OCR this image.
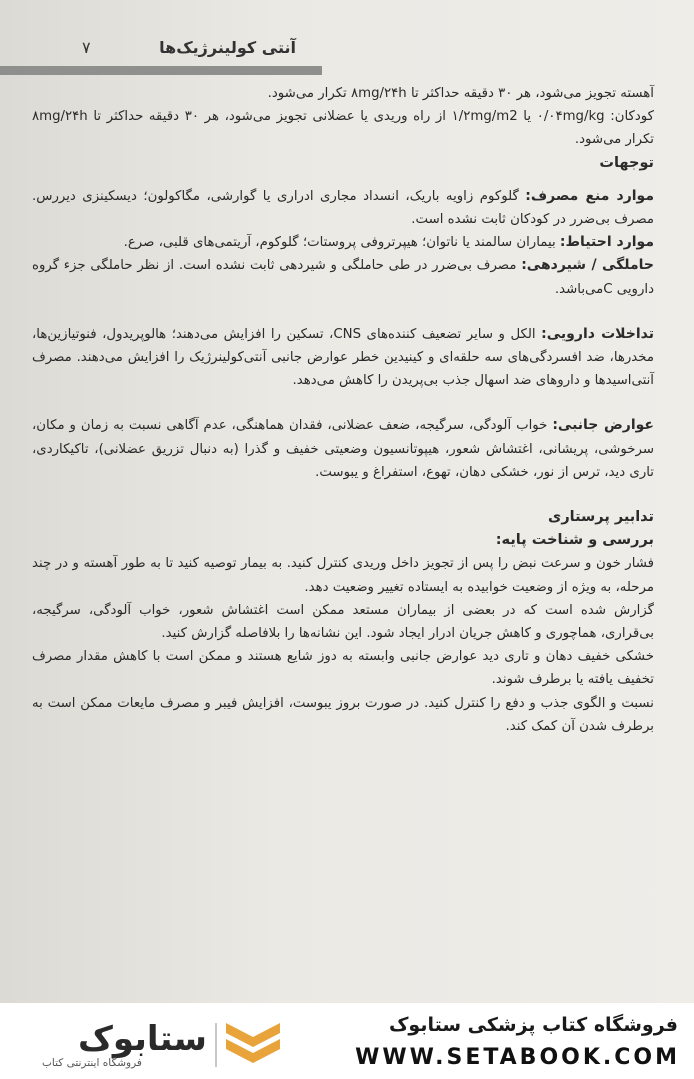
آنتی کولینرژیک‌ها
۷

آهسته تجویز می‌شود، هر ۳۰ دقیقه حداکثر تا ۸mg/۲۴h تکرار می‌شود.

کودکان: ۰/۰۴mg/kg یا ۱/۲mg/m2 از راه وریدی یا عضلانی تجویز می‌شود، هر ۳۰ دقیقه حداکثر تا ۸mg/۲۴h تکرار می‌شود.

توجهات

موارد منع مصرف: گلوکوم زاویه باریک، انسداد مجاری ادراری یا گوارشی، مگاکولون؛ دیسکینزی دیررس. مصرف بی‌ضرر در کودکان ثابت نشده است.

موارد احتیاط: بیماران سالمند یا ناتوان؛ هیپرتروفی پروستات؛ گلوکوم، آریتمی‌های قلبی، صرع.

حاملگی / شیردهی: مصرف بی‌ضرر در طی حاملگی و شیردهی ثابت نشده است. از نظر حاملگی جزء گروه دارویی Cمی‌باشد.

تداخلات دارویی: الکل و سایر تضعیف کننده‌های CNS، تسکین را افزایش می‌دهند؛ هالوپریدول، فنوتیازین‌ها، مخدرها، ضد افسردگی‌های سه حلقه‌ای و کینیدین خطر عوارض جانبی آنتی‌کولینرژیک را افزایش می‌دهند. مصرف آنتی‌اسیدها و داروهای ضد اسهال جذب بی‌پریدن را کاهش می‌دهد.

عوارض جانبی: خواب آلودگی، سرگیجه، ضعف عضلانی، فقدان هماهنگی، عدم آگاهی نسبت به زمان و مکان، سرخوشی، پریشانی، اغتشاش شعور، هیپوتانسیون وضعیتی خفیف و گذرا (به دنبال تزریق عضلانی)، تاکیکاردی، تاری دید، ترس از نور، خشکی دهان، تهوع، استفراغ و یبوست.

تدابیر پرستاری

بررسی و شناخت پایه:

فشار خون و سرعت نبض را پس از تجویز داخل وریدی کنترل کنید. به بیمار توصیه کنید تا به طور آهسته و در چند مرحله، به ویژه از وضعیت خوابیده به ایستاده تغییر وضعیت دهد.

گزارش شده است که در بعضی از بیماران مستعد ممکن است اغتشاش شعور، خواب آلودگی، سرگیجه، بی‌قراری، هماچوری و کاهش جریان ادرار ایجاد شود. این نشانه‌ها را بلافاصله گزارش کنید.

خشکی خفیف دهان و تاری دید عوارض جانبی وابسته به دوز شایع هستند و ممکن است با کاهش مقدار مصرف تخفیف یافته یا برطرف شوند.

نسبت و الگوی جذب و دفع را کنترل کنید. در صورت بروز یبوست، افزایش فیبر و مصرف مایعات ممکن است به برطرف شدن آن کمک کند.

ستابوک
فروشگاه اینترنتی کتاب
فروشگاه کتاب پزشکی ستابوک
WWW.SETABOOK.COM
